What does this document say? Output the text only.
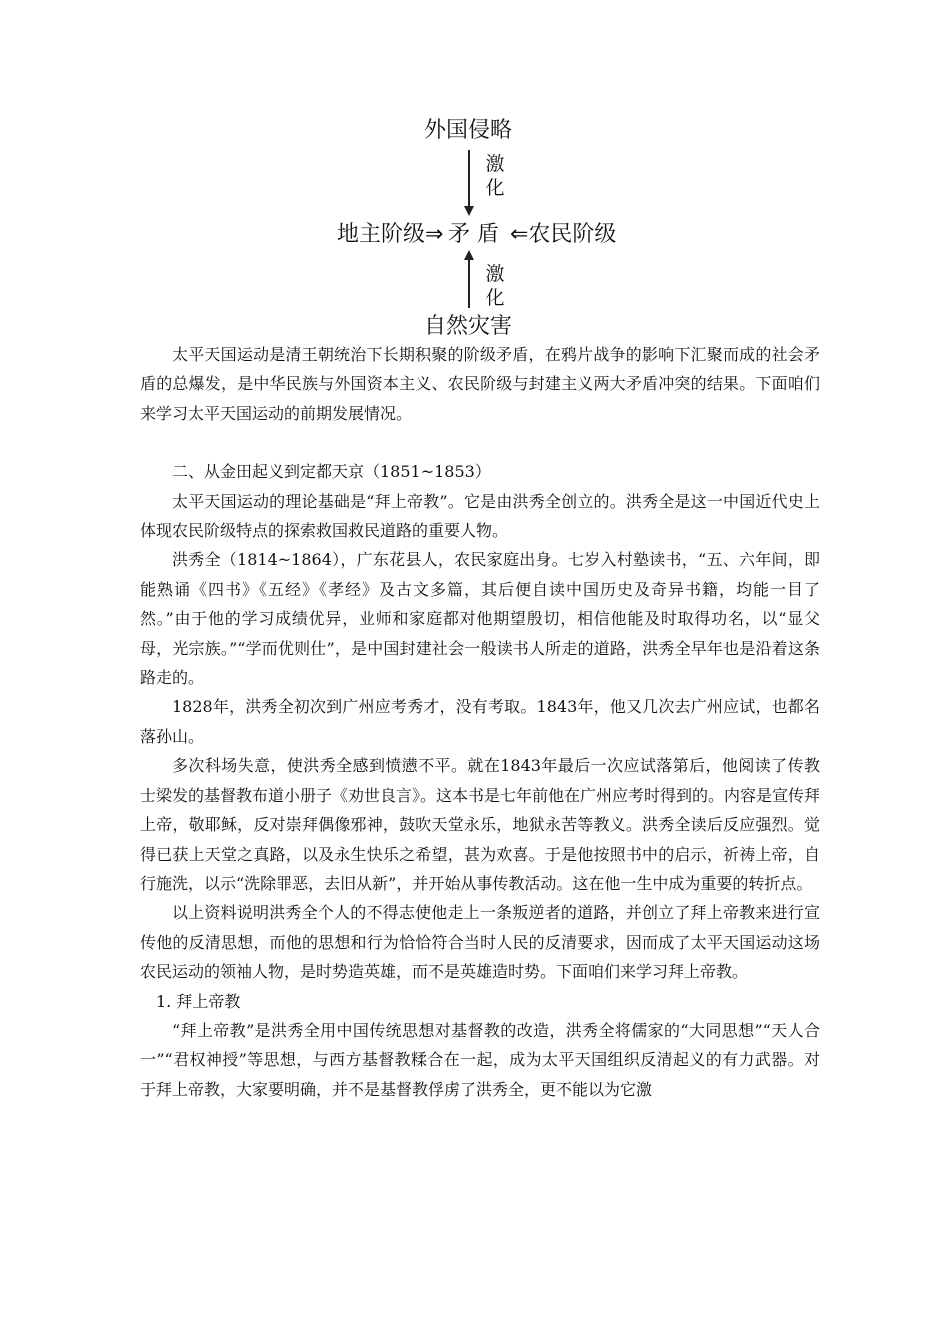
外国侵略
激化
地主阶级⇒ 矛 盾 ⇐农民阶级
激化
自然灾害

太平天国运动是清王朝统治下长期积聚的阶级矛盾，在鸦片战争的影响下汇聚而成的社会矛盾的总爆发，是中华民族与外国资本主义、农民阶级与封建主义两大矛盾冲突的结果。下面咱们来学习太平天国运动的前期发展情况。

二、从金田起义到定都天京（1851~1853）

太平天国运动的理论基础是“拜上帝教”。它是由洪秀全创立的。洪秀全是这一中国近代史上体现农民阶级特点的探索救国救民道路的重要人物。

洪秀全（1814~1864），广东花县人，农民家庭出身。七岁入村塾读书，“五、六年间，即能熟诵《四书》《五经》《孝经》及古文多篇，其后便自读中国历史及奇异书籍，均能一目了然。”由于他的学习成绩优异，业师和家庭都对他期望殷切，相信他能及时取得功名，以“显父母，光宗族。”“学而优则仕”，是中国封建社会一般读书人所走的道路，洪秀全早年也是沿着这条路走的。

1828年，洪秀全初次到广州应考秀才，没有考取。1843年，他又几次去广州应试，也都名落孙山。

多次科场失意，使洪秀全感到愤懑不平。就在1843年最后一次应试落第后，他阅读了传教士梁发的基督教布道小册子《劝世良言》。这本书是七年前他在广州应考时得到的。内容是宣传拜上帝，敬耶稣，反对崇拜偶像邪神，鼓吹天堂永乐，地狱永苦等教义。洪秀全读后反应强烈。觉得已获上天堂之真路，以及永生快乐之希望，甚为欢喜。于是他按照书中的启示，祈祷上帝，自行施洗，以示“洗除罪恶，去旧从新”，并开始从事传教活动。这在他一生中成为重要的转折点。

以上资料说明洪秀全个人的不得志使他走上一条叛逆者的道路，并创立了拜上帝教来进行宣传他的反清思想，而他的思想和行为恰恰符合当时人民的反清要求，因而成了太平天国运动这场农民运动的领袖人物，是时势造英雄，而不是英雄造时势。下面咱们来学习拜上帝教。

1. 拜上帝教

“拜上帝教”是洪秀全用中国传统思想对基督教的改造，洪秀全将儒家的“大同思想”“天人合一”“君权神授”等思想，与西方基督教糅合在一起，成为太平天国组织反清起义的有力武器。对于拜上帝教，大家要明确，并不是基督教俘虏了洪秀全，更不能以为它激
